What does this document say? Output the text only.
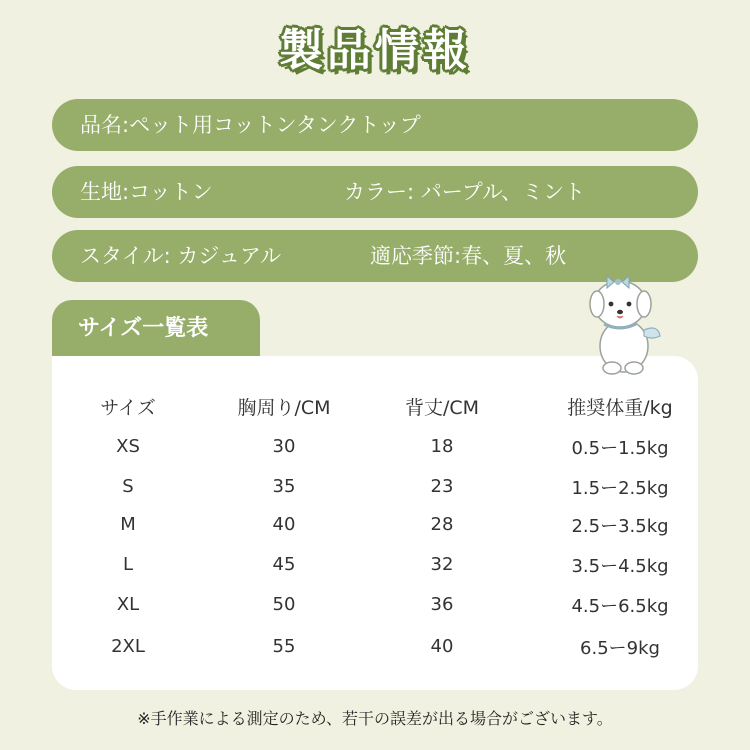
製品情報
品名:ペット用コットンタンクトップ
生地:コットン	カラー: パープル、ミント
スタイル: カジュアル	適応季節:春、夏、秋
サイズ一覧表
サイズ	胸周り/CM	背丈/CM	推奨体重/kg
XS	30	18	0.5ー1.5kg
S	35	23	1.5ー2.5kg
M	40	28	2.5ー3.5kg
L	45	32	3.5ー4.5kg
XL	50	36	4.5ー6.5kg
2XL	55	40	6.5ー9kg
※手作業による測定のため、若干の誤差が出る場合がございます。
